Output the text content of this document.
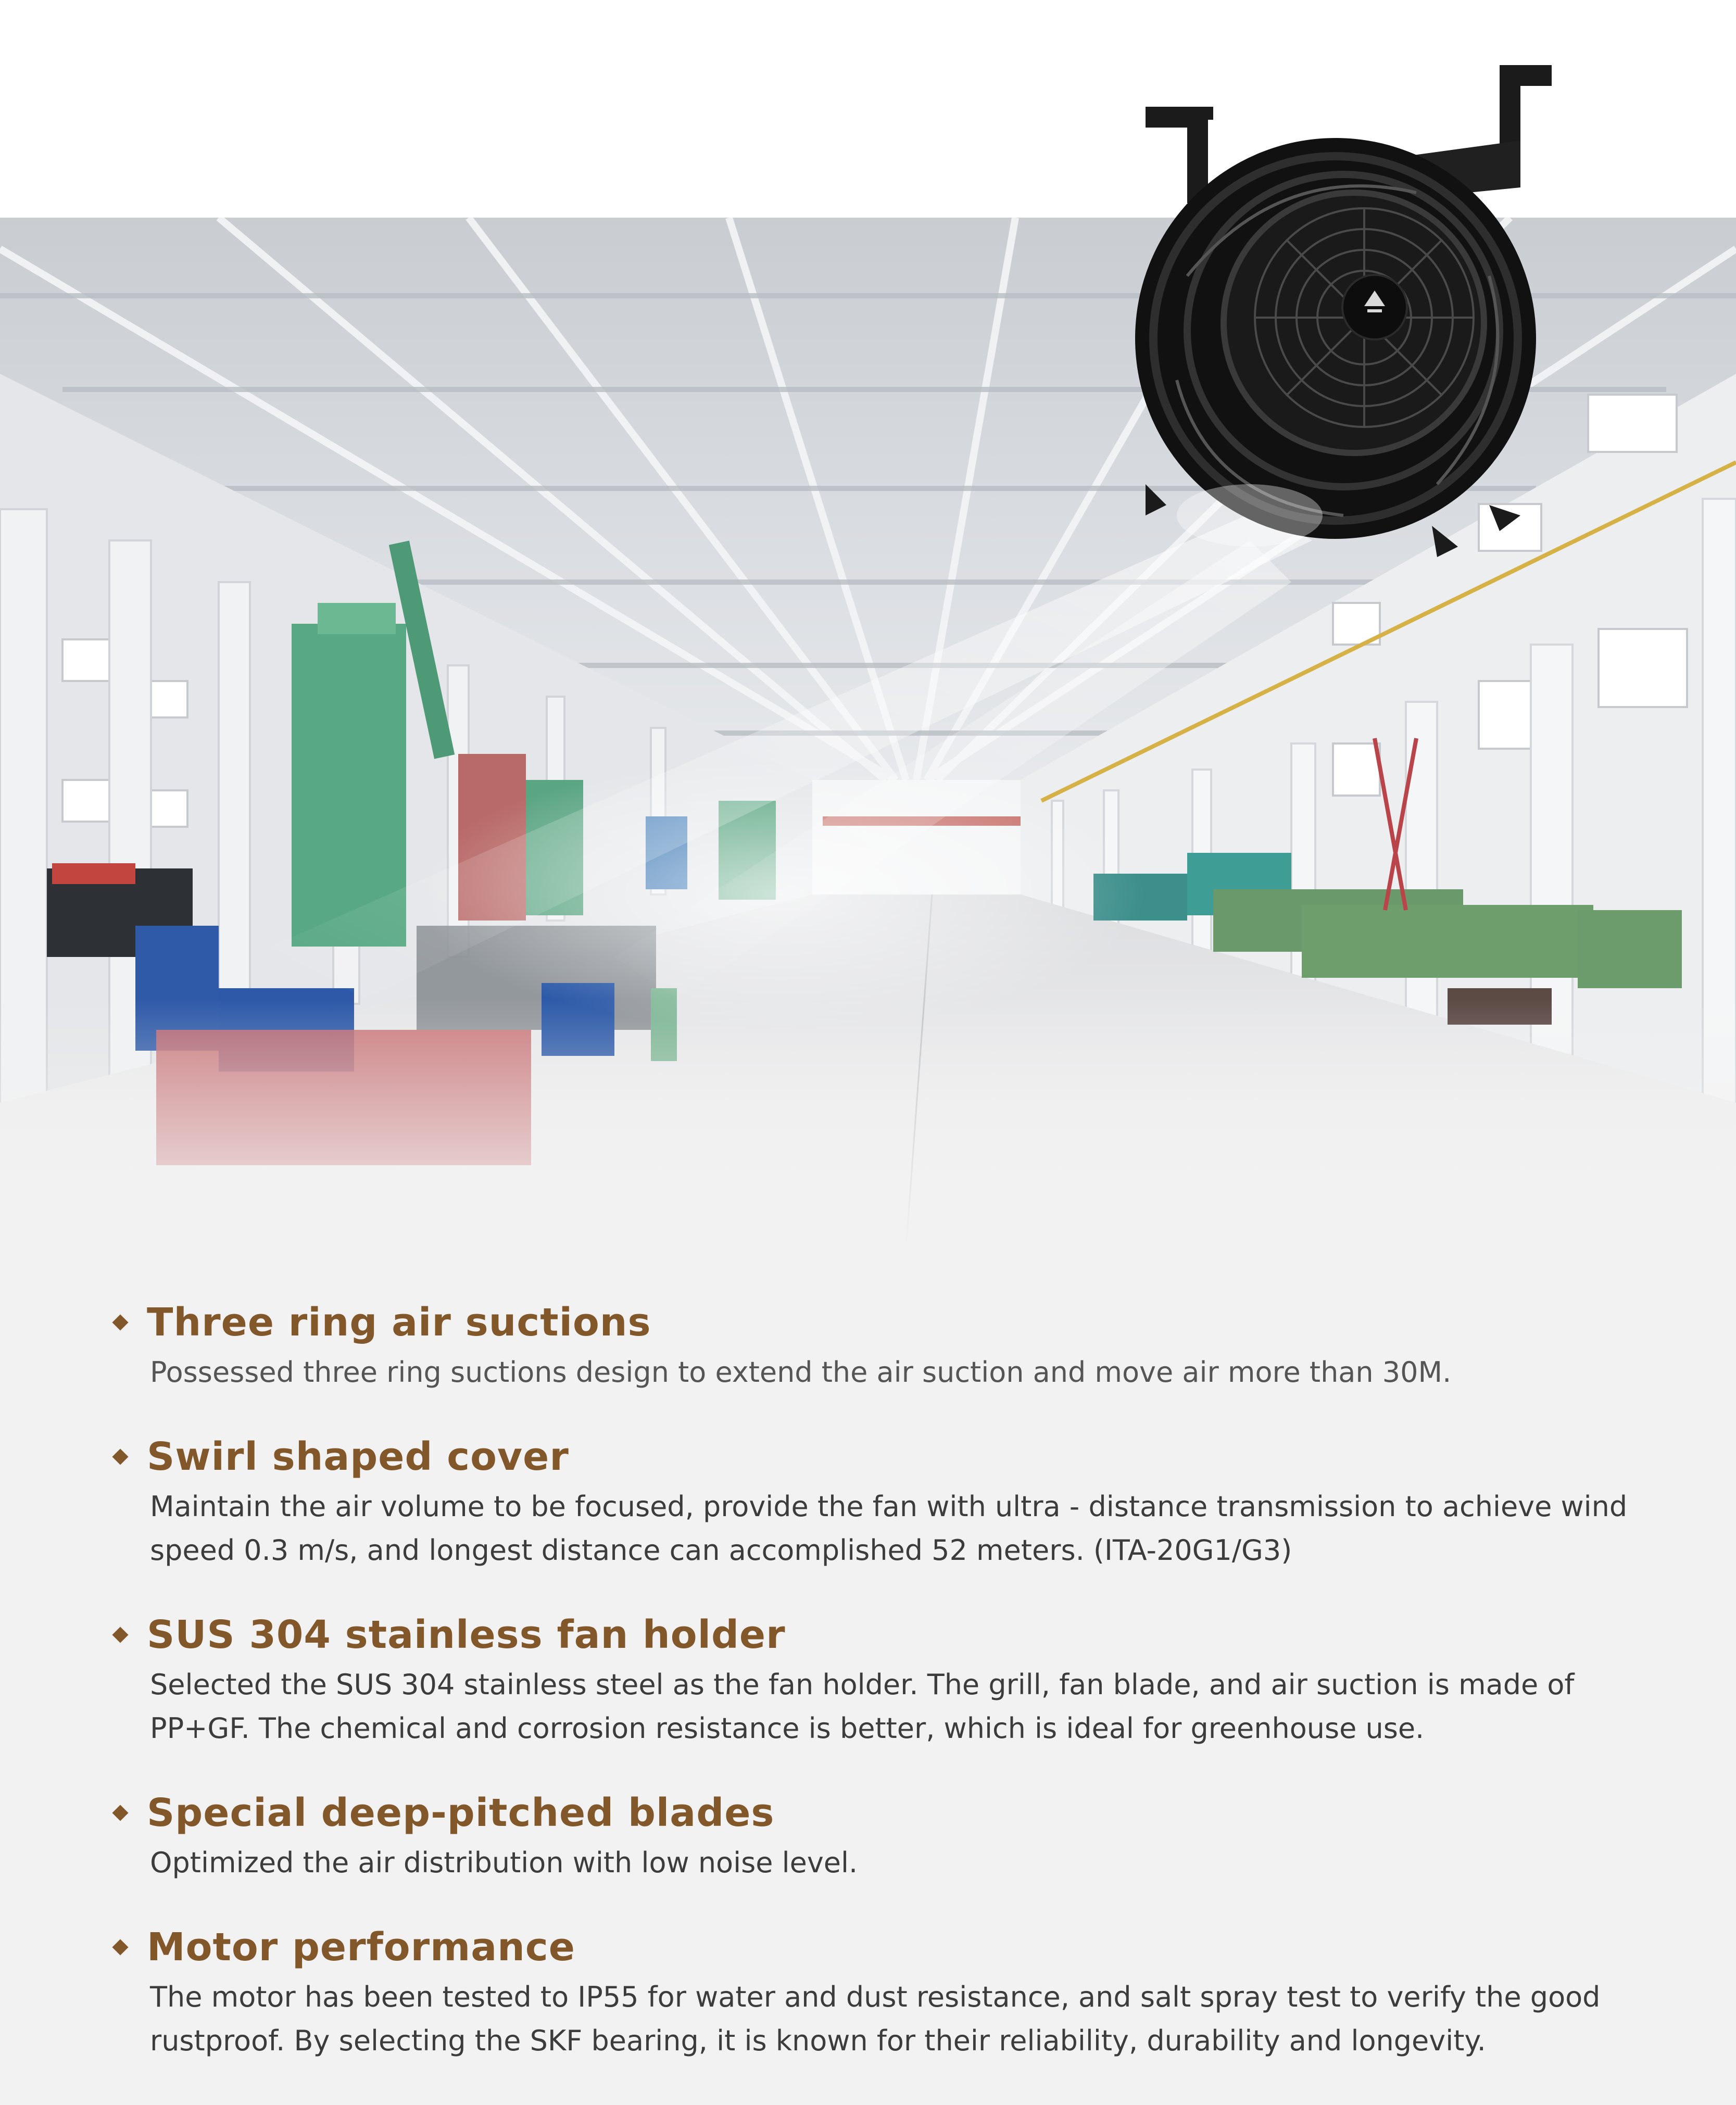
Three ring air suctions
Possessed three ring suctions design to extend the air suction and move air more than 30M.
Swirl shaped cover
Maintain the air volume to be focused, provide the fan with ultra - distance transmission to achieve wind speed 0.3 m/s, and longest distance can accomplished 52 meters. (ITA-20G1/G3)
SUS 304 stainless fan holder
Selected the SUS 304 stainless steel as the fan holder. The grill, fan blade, and air suction is made of PP+GF. The chemical and corrosion resistance is better, which is ideal for greenhouse use.
Special deep-pitched blades
Optimized the air distribution with low noise level.
Motor performance
The motor has been tested to IP55 for water and dust resistance, and salt spray test to verify the good rustproof. By selecting the SKF bearing, it is known for their reliability, durability and longevity.
